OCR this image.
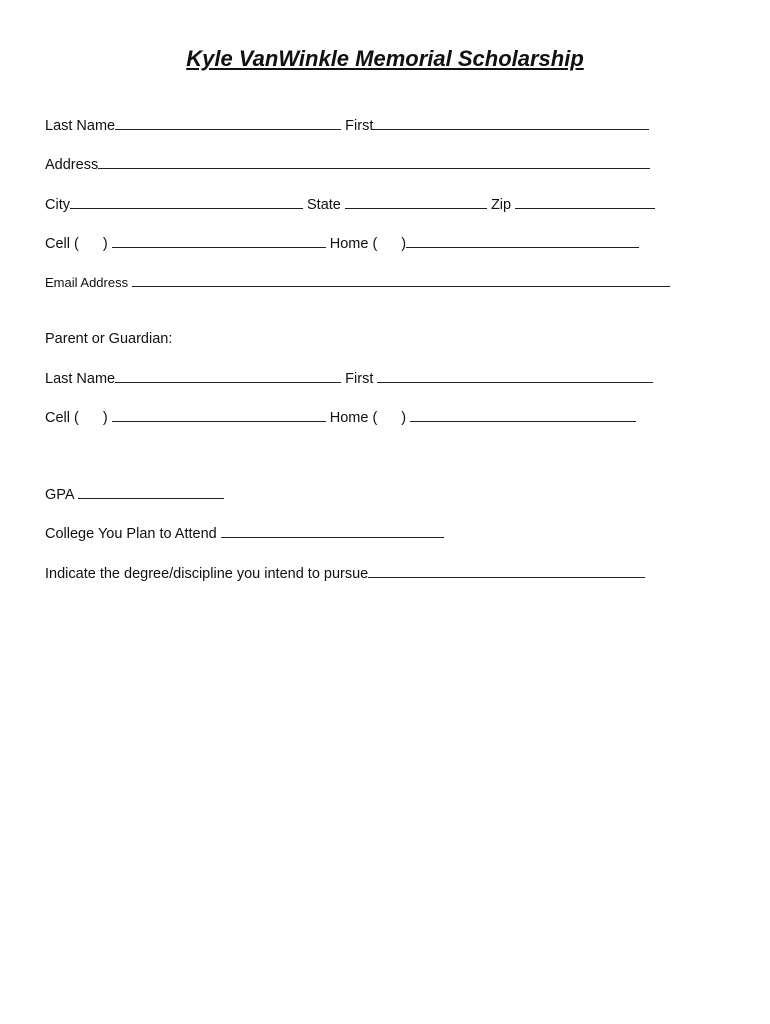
Kyle VanWinkle Memorial Scholarship
Last Name	First
Address
City	State	Zip
Cell ( )	Home ( )
Email Address
Parent or Guardian:
Last Name	First
Cell ( )	Home ( )
GPA
College You Plan to Attend
Indicate the degree/discipline you intend to pursue
